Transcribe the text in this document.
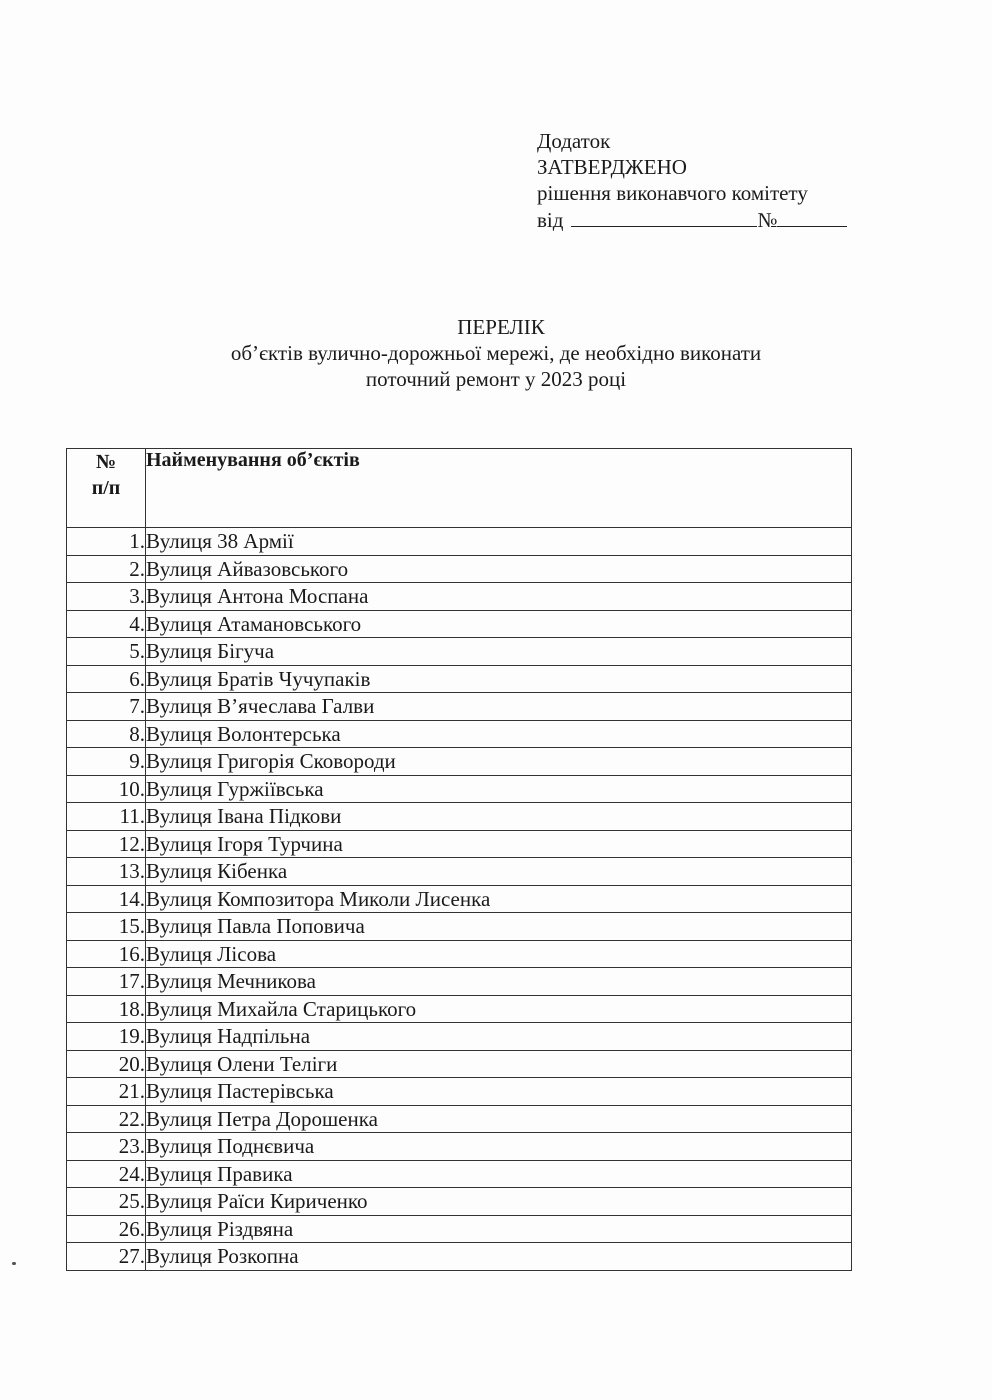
Додаток
ЗАТВЕРДЖЕНО
рішення виконавчого комітету
від	№
ПЕРЕЛІК
об’єктів вулично-дорожньої мережі, де необхідно виконати
поточний ремонт у 2023 році
№
п/п	Найменування об’єктів
1.	Вулиця 38 Армії
2.	Вулиця Айвазовського
3.	Вулиця Антона Моспана
4.	Вулиця Атамановського
5.	Вулиця Бігуча
6.	Вулиця Братів Чучупаків
7.	Вулиця В’ячеслава Галви
8.	Вулиця Волонтерська
9.	Вулиця Григорія Сковороди
10.	Вулиця Гуржіївська
11.	Вулиця Івана Підкови
12.	Вулиця Ігоря Турчина
13.	Вулиця Кібенка
14.	Вулиця Композитора Миколи Лисенка
15.	Вулиця Павла Поповича
16.	Вулиця Лісова
17.	Вулиця Мечникова
18.	Вулиця Михайла Старицького
19.	Вулиця Надпільна
20.	Вулиця Олени Теліги
21.	Вулиця Пастерівська
22.	Вулиця Петра Дорошенка
23.	Вулиця Поднєвича
24.	Вулиця Правика
25.	Вулиця Раїси Кириченко
26.	Вулиця Різдвяна
27.	Вулиця Розкопна
